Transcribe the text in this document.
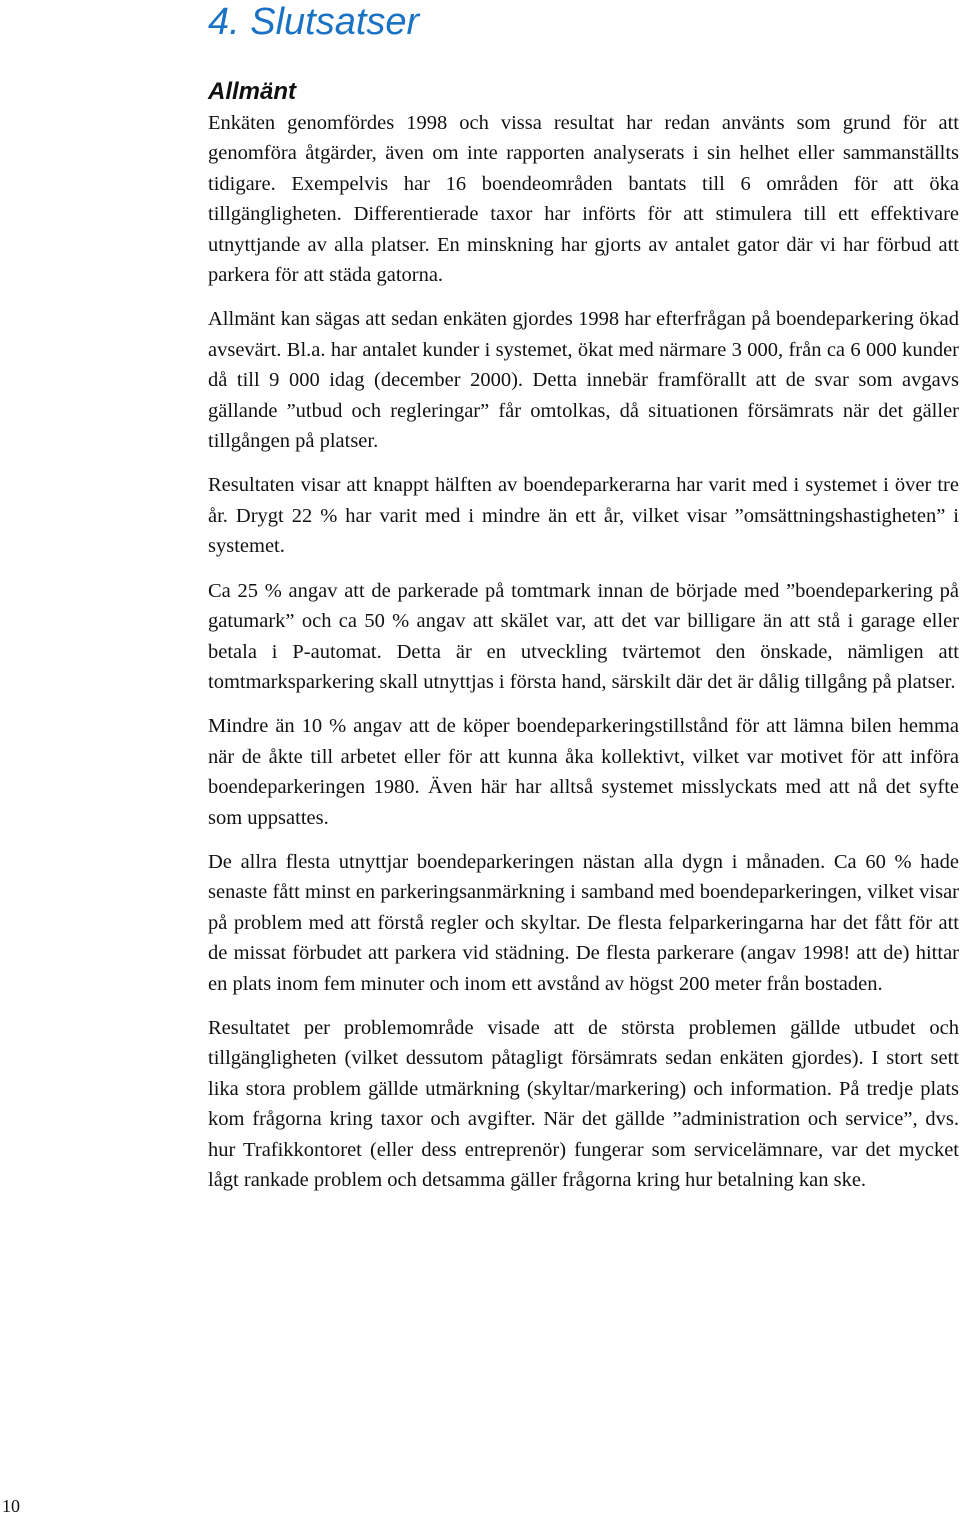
4. Slutsatser
Allmänt

Enkäten genomfördes 1998 och vissa resultat har redan använts som grund för att genomföra åtgärder, även om inte rapporten analyserats i sin helhet eller sammanställts tidigare. Exempelvis har 16 boendeområden bantats till 6 områden för att öka tillgängligheten. Differentierade taxor har införts för att stimulera till ett effektivare utnyttjande av alla platser. En minskning har gjorts av antalet gator där vi har förbud att parkera för att städa gatorna.

Allmänt kan sägas att sedan enkäten gjordes 1998 har efterfrågan på boendeparkering ökad avsevärt. Bl.a. har antalet kunder i systemet, ökat med närmare 3 000, från ca 6 000 kunder då till 9 000 idag (december 2000). Detta innebär framförallt att de svar som avgavs gällande ”utbud och regleringar” får omtolkas, då situationen försämrats när det gäller tillgången på platser.

Resultaten visar att knappt hälften av boendeparkerarna har varit med i systemet i över tre år. Drygt 22 % har varit med i mindre än ett år, vilket visar ”omsättningshastigheten” i systemet.

Ca 25 % angav att de parkerade på tomtmark innan de började med ”boendeparkering på gatumark” och ca 50 % angav att skälet var, att det var billigare än att stå i garage eller betala i P-automat. Detta är en utveckling tvärtemot den önskade, nämligen att tomtmarksparkering skall utnyttjas i första hand, särskilt där det är dålig tillgång på platser.

Mindre än 10 % angav att de köper boendeparkeringstillstånd för att lämna bilen hemma när de åkte till arbetet eller för att kunna åka kollektivt, vilket var motivet för att införa boendeparkeringen 1980. Även här har alltså systemet misslyckats med att nå det syfte som uppsattes.

De allra flesta utnyttjar boendeparkeringen nästan alla dygn i månaden. Ca 60 % hade senaste fått minst en parkeringsanmärkning i samband med boendeparkeringen, vilket visar på problem med att förstå regler och skyltar. De flesta felparkeringarna har det fått för att de missat förbudet att parkera vid städning. De flesta parkerare (angav 1998! att de) hittar en plats inom fem minuter och inom ett avstånd av högst 200 meter från bostaden.

Resultatet per problemområde visade att de största problemen gällde utbudet och tillgängligheten (vilket dessutom påtagligt försämrats sedan enkäten gjordes). I stort sett lika stora problem gällde utmärkning (skyltar/markering) och information. På tredje plats kom frågorna kring taxor och avgifter. När det gällde ”administration och service”, dvs. hur Trafikkontoret (eller dess entreprenör) fungerar som servicelämnare, var det mycket lågt rankade problem och detsamma gäller frågorna kring hur betalning kan ske.

10
